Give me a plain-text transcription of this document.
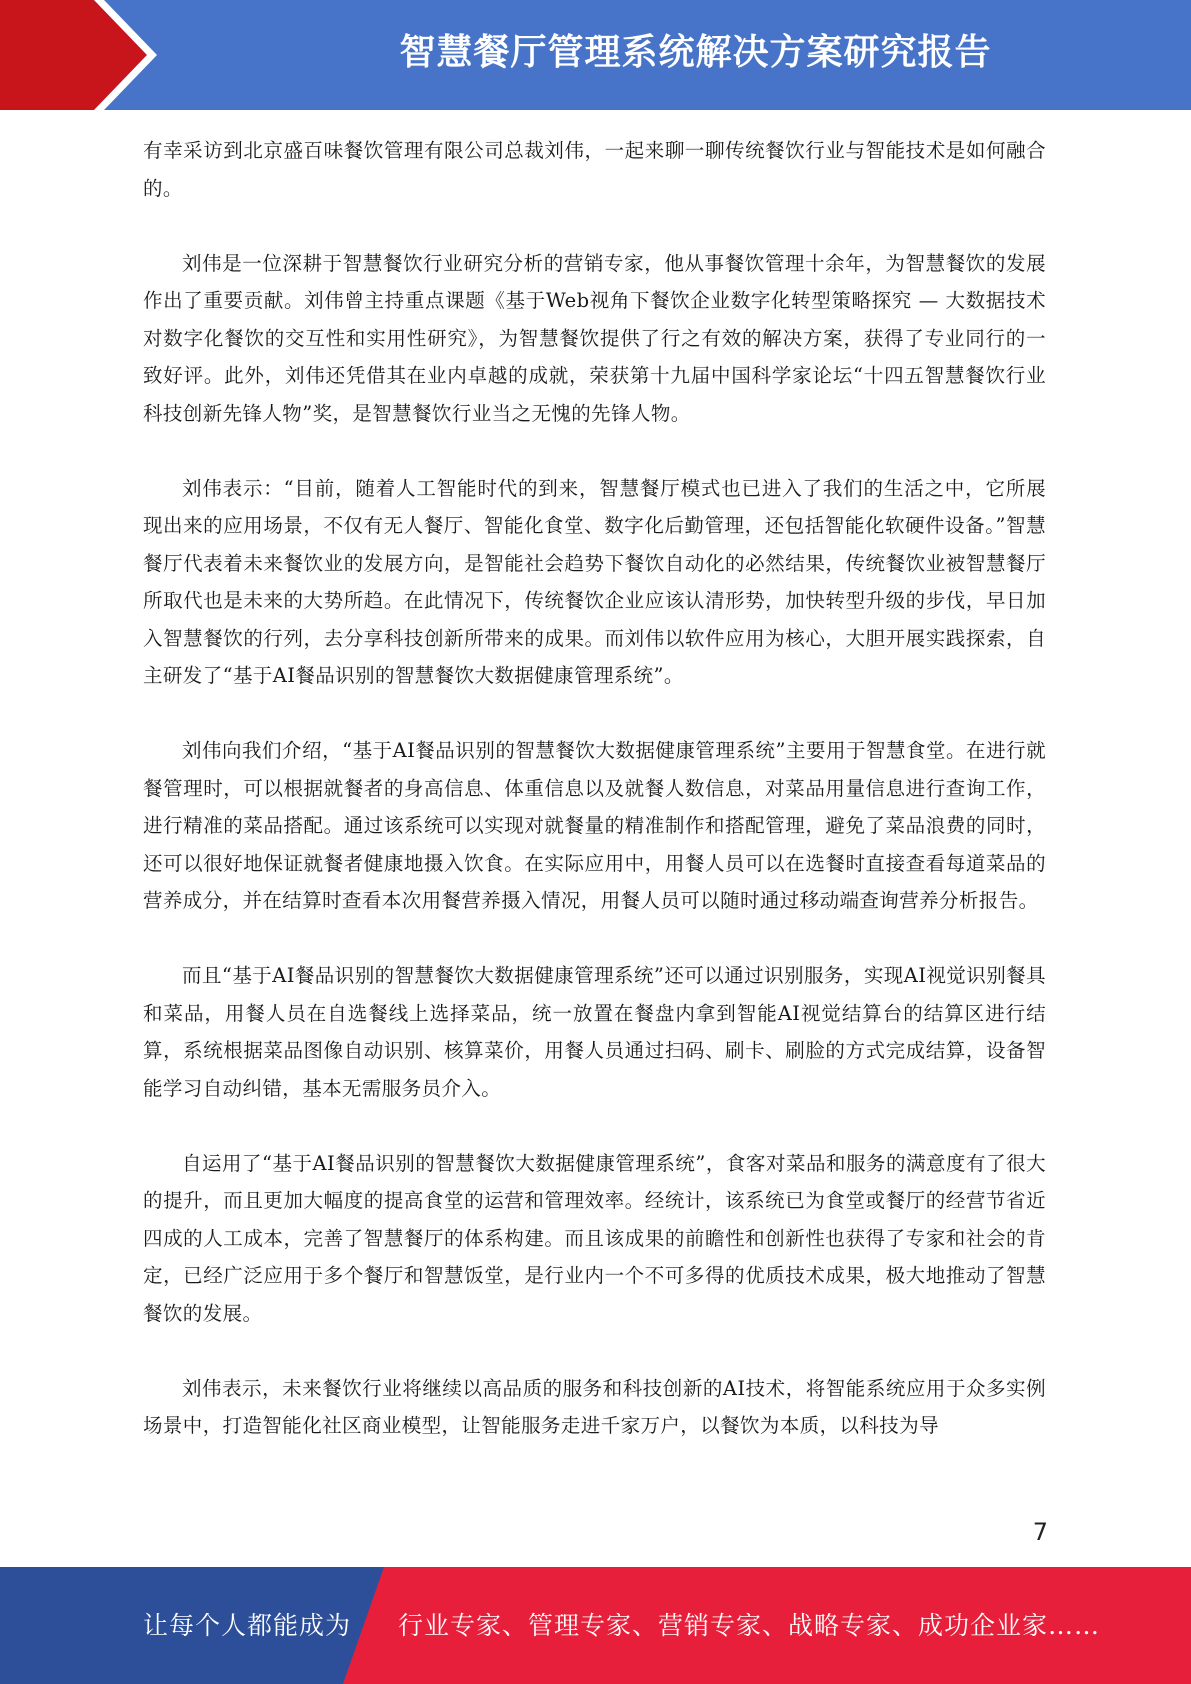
智慧餐厅管理系统解决方案研究报告

有幸采访到北京盛百味餐饮管理有限公司总裁刘伟，一起来聊一聊传统餐饮行业与智能技术是如何融合的。

刘伟是一位深耕于智慧餐饮行业研究分析的营销专家，他从事餐饮管理十余年，为智慧餐饮的发展作出了重要贡献。刘伟曾主持重点课题《基于Web视角下餐饮企业数字化转型策略探究 — 大数据技术对数字化餐饮的交互性和实用性研究》，为智慧餐饮提供了行之有效的解决方案，获得了专业同行的一致好评。此外，刘伟还凭借其在业内卓越的成就，荣获第十九届中国科学家论坛“十四五智慧餐饮行业科技创新先锋人物”奖，是智慧餐饮行业当之无愧的先锋人物。

刘伟表示：“目前，随着人工智能时代的到来，智慧餐厅模式也已进入了我们的生活之中，它所展现出来的应用场景，不仅有无人餐厅、智能化食堂、数字化后勤管理，还包括智能化软硬件设备。”智慧餐厅代表着未来餐饮业的发展方向，是智能社会趋势下餐饮自动化的必然结果，传统餐饮业被智慧餐厅所取代也是未来的大势所趋。在此情况下，传统餐饮企业应该认清形势，加快转型升级的步伐，早日加入智慧餐饮的行列，去分享科技创新所带来的成果。而刘伟以软件应用为核心，大胆开展实践探索，自主研发了“基于AI餐品识别的智慧餐饮大数据健康管理系统”。

刘伟向我们介绍，“基于AI餐品识别的智慧餐饮大数据健康管理系统”主要用于智慧食堂。在进行就餐管理时，可以根据就餐者的身高信息、体重信息以及就餐人数信息，对菜品用量信息进行查询工作，进行精准的菜品搭配。通过该系统可以实现对就餐量的精准制作和搭配管理，避免了菜品浪费的同时，还可以很好地保证就餐者健康地摄入饮食。在实际应用中，用餐人员可以在选餐时直接查看每道菜品的营养成分，并在结算时查看本次用餐营养摄入情况，用餐人员可以随时通过移动端查询营养分析报告。

而且“基于AI餐品识别的智慧餐饮大数据健康管理系统”还可以通过识别服务，实现AI视觉识别餐具和菜品，用餐人员在自选餐线上选择菜品，统一放置在餐盘内拿到智能AI视觉结算台的结算区进行结算，系统根据菜品图像自动识别、核算菜价，用餐人员通过扫码、刷卡、刷脸的方式完成结算，设备智能学习自动纠错，基本无需服务员介入。

自运用了“基于AI餐品识别的智慧餐饮大数据健康管理系统”，食客对菜品和服务的满意度有了很大的提升，而且更加大幅度的提高食堂的运营和管理效率。经统计，该系统已为食堂或餐厅的经营节省近四成的人工成本，完善了智慧餐厅的体系构建。而且该成果的前瞻性和创新性也获得了专家和社会的肯定，已经广泛应用于多个餐厅和智慧饭堂，是行业内一个不可多得的优质技术成果，极大地推动了智慧餐饮的发展。

刘伟表示，未来餐饮行业将继续以高品质的服务和科技创新的AI技术，将智能系统应用于众多实例场景中，打造智能化社区商业模型，让智能服务走进千家万户，以餐饮为本质，以科技为导

7
让每个人都能成为 行业专家、管理专家、营销专家、战略专家、成功企业家……
